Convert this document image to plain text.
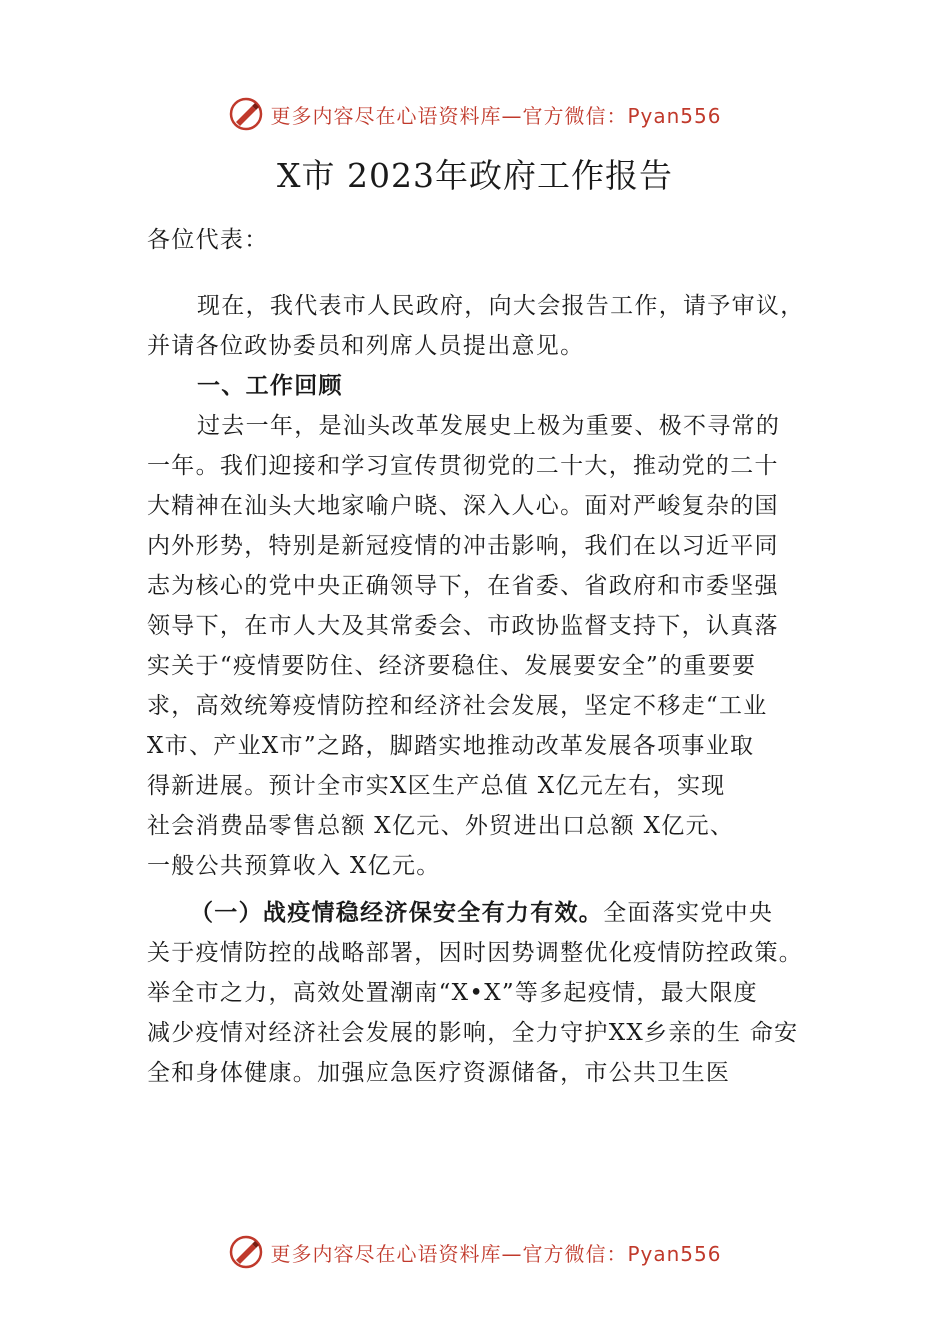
更多内容尽在心语资料库—官方微信：Pyan556
X市 2023年政府工作报告
各位代表：
现在，我代表市人民政府，向大会报告工作，请予审议，
并请各位政协委员和列席人员提出意见。
一、工作回顾
过去一年，是汕头改革发展史上极为重要、极不寻常的
一年。我们迎接和学习宣传贯彻党的二十大，推动党的二十
大精神在汕头大地家喻户晓、深入人心。面对严峻复杂的国
内外形势，特别是新冠疫情的冲击影响，我们在以习近平同
志为核心的党中央正确领导下，在省委、省政府和市委坚强
领导下，在市人大及其常委会、市政协监督支持下，认真落
实关于“疫情要防住、经济要稳住、发展要安全”的重要要
求，高效统筹疫情防控和经济社会发展，坚定不移走“工业
X市、产业X市”之路，脚踏实地推动改革发展各项事业取
得新进展。预计全市实X区生产总值 X亿元左右，实现
社会消费品零售总额 X亿元、外贸进出口总额 X亿元、
一般公共预算收入 X亿元。
（一）战疫情稳经济保安全有力有效。全面落实党中央
关于疫情防控的战略部署，因时因势调整优化疫情防控政策。
举全市之力，高效处置潮南“X•X”等多起疫情，最大限度
减少疫情对经济社会发展的影响，全力守护XX乡亲的生 命安
全和身体健康。加强应急医疗资源储备，市公共卫生医
更多内容尽在心语资料库—官方微信：Pyan556
